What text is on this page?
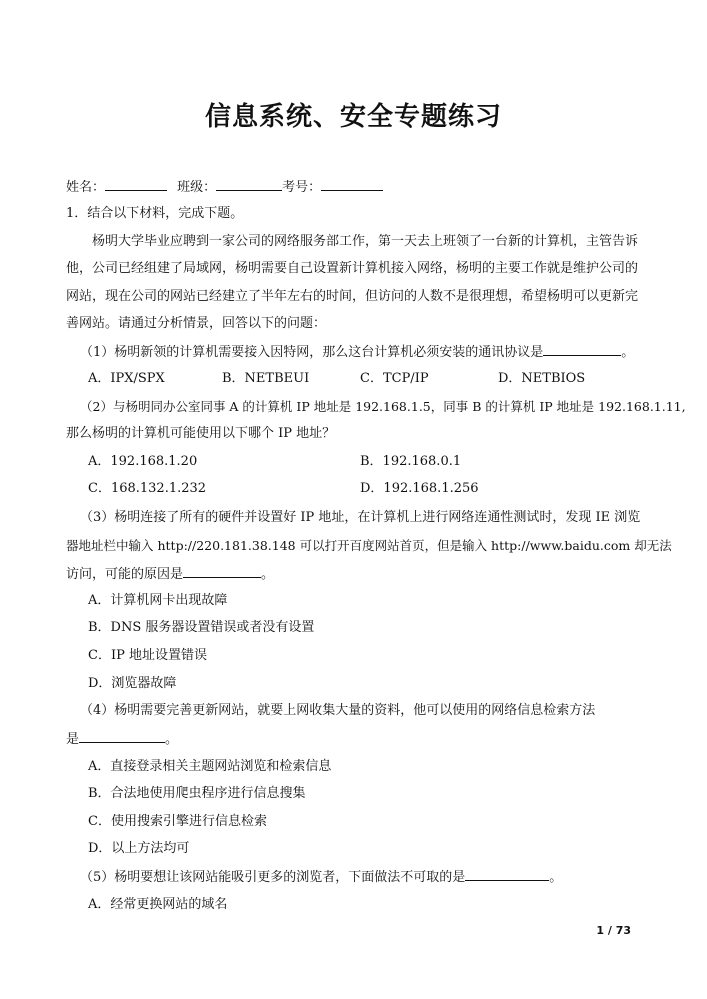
信息系统、安全专题练习
姓名：	班级：	考号：
1．结合以下材料，完成下题。
杨明大学毕业应聘到一家公司的网络服务部工作，第一天去上班领了一台新的计算机，主管告诉
他，公司已经组建了局域网，杨明需要自己设置新计算机接入网络，杨明的主要工作就是维护公司的
网站，现在公司的网站已经建立了半年左右的时间，但访问的人数不是很理想，希望杨明可以更新完
善网站。请通过分析情景，回答以下的问题：
（1）杨明新领的计算机需要接入因特网，那么这台计算机必须安装的通讯协议是	。
A．IPX/SPX	B．NETBEUI	C．TCP/IP	D．NETBIOS
（2）与杨明同办公室同事 A 的计算机 IP 地址是 192.168.1.5，同事 B 的计算机 IP 地址是 192.168.1.11,
那么杨明的计算机可能使用以下哪个 IP 地址？
A．192.168.1.20	B．192.168.0.1
C．168.132.1.232	D．192.168.1.256
（3）杨明连接了所有的硬件并设置好 IP 地址，在计算机上进行网络连通性测试时，发现 IE 浏览
器地址栏中输入 http://220.181.38.148 可以打开百度网站首页，但是输入 http://www.baidu.com 却无法
访问，可能的原因是	。
A．计算机网卡出现故障
B．DNS 服务器设置错误或者没有设置
C．IP 地址设置错误
D．浏览器故障
（4）杨明需要完善更新网站，就要上网收集大量的资料，他可以使用的网络信息检索方法
是	。
A．直接登录相关主题网站浏览和检索信息
B．合法地使用爬虫程序进行信息搜集
C．使用搜索引擎进行信息检索
D．以上方法均可
（5）杨明要想让该网站能吸引更多的浏览者，下面做法不可取的是	。
A．经常更换网站的域名
1 / 73
